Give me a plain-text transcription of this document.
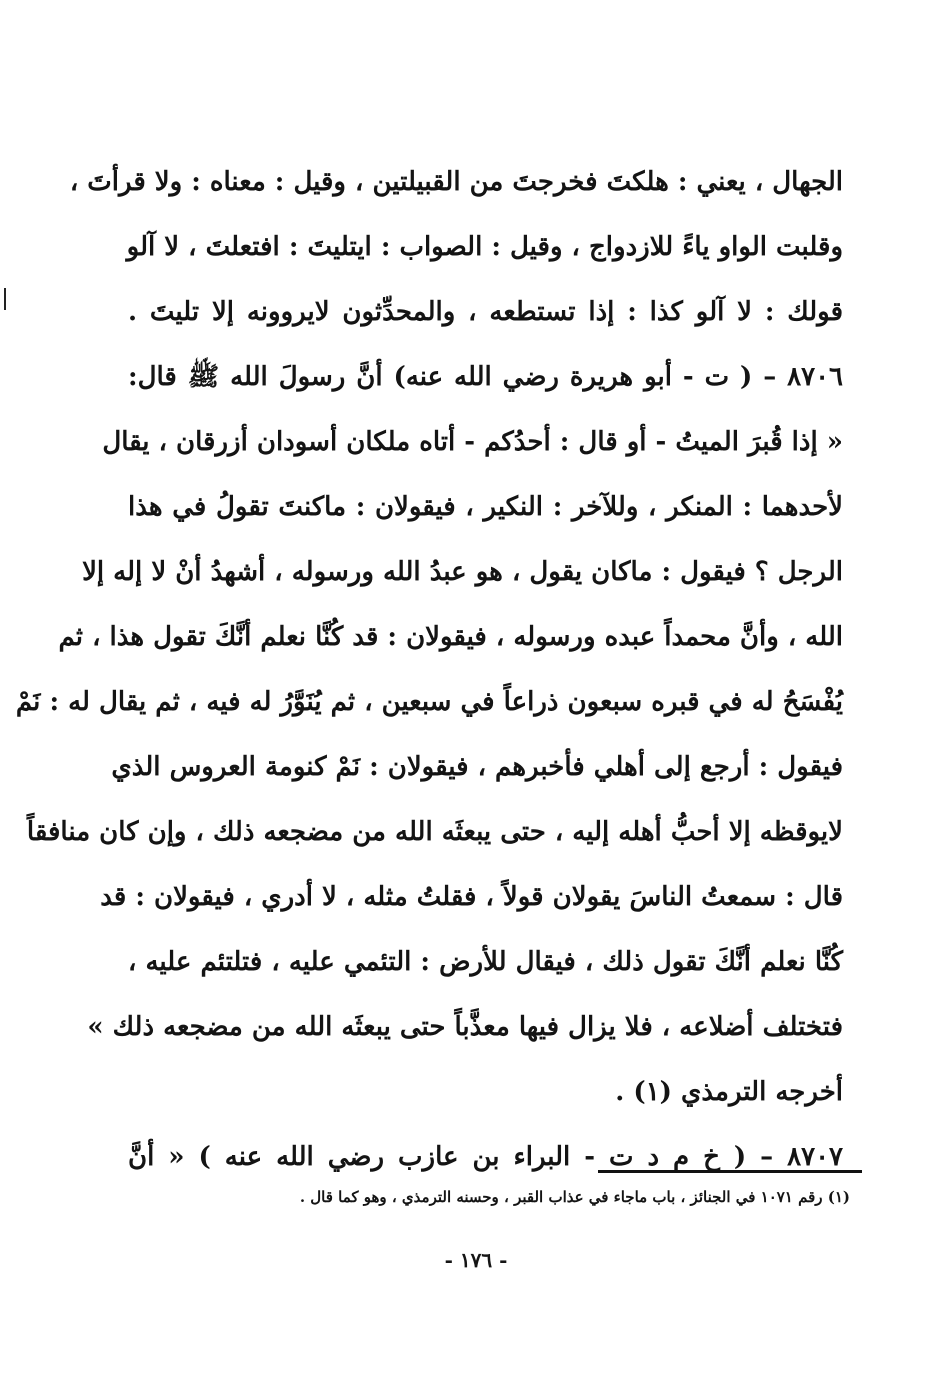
الجهال ، يعني : هلكتَ فخرجتَ من القبيلتين ، وقيل : معناه : ولا قرأتَ ،
وقلبت الواو ياءً للازدواج ، وقيل : الصواب : ايتليتَ : افتعلتَ ، لا آلو
قولك : لا آلو كذا : إذا تستطعه ، والمحدِّثون لايروونه إلا تليتَ .
٨٧٠٦ – ( ت - أبو هريرة رضي الله عنه) أنَّ رسولَ الله ﷺ قال:
« إذا قُبرَ الميتُ - أو قال : أحدُكم - أتاه ملكان أسودان أزرقان ، يقال
لأحدهما : المنكر ، وللآخر : النكير ، فيقولان : ماكنتَ تقولُ في هذا
الرجل ؟ فيقول : ماكان يقول ، هو عبدُ الله ورسوله ، أشهدُ أنْ لا إله إلا
الله ، وأنَّ محمداً عبده ورسوله ، فيقولان : قد كُنَّا نعلم أنَّكَ تقول هذا ، ثم
يُفْسَحُ له في قبره سبعون ذراعاً في سبعين ، ثم يُنَوَّرُ له فيه ، ثم يقال له : نَمْ
فيقول : أرجع إلى أهلي فأخبرهم ، فيقولان : نَمْ كنومة العروس الذي
لايوقظه إلا أحبُّ أهله إليه ، حتى يبعثَه الله من مضجعه ذلك ، وإن كان منافقاً
قال : سمعتُ الناسَ يقولان قولاً ، فقلتُ مثله ، لا أدري ، فيقولان : قد
كُنَّا نعلم أنَّكَ تقول ذلك ، فيقال للأرض : التئمي عليه ، فتلتئم عليه ،
فتختلف أضلاعه ، فلا يزال فيها معذَّباً حتى يبعثَه الله من مضجعه ذلك »
أخرجه الترمذي (١) .
٨٧٠٧ – ( خ م د ت - البراء بن عازب رضي الله عنه ) « أنَّ
(١) رقم ١٠٧١ في الجنائز ، باب ماجاء في عذاب القبر ، وحسنه الترمذي ، وهو كما قال .
- ١٧٦ -
